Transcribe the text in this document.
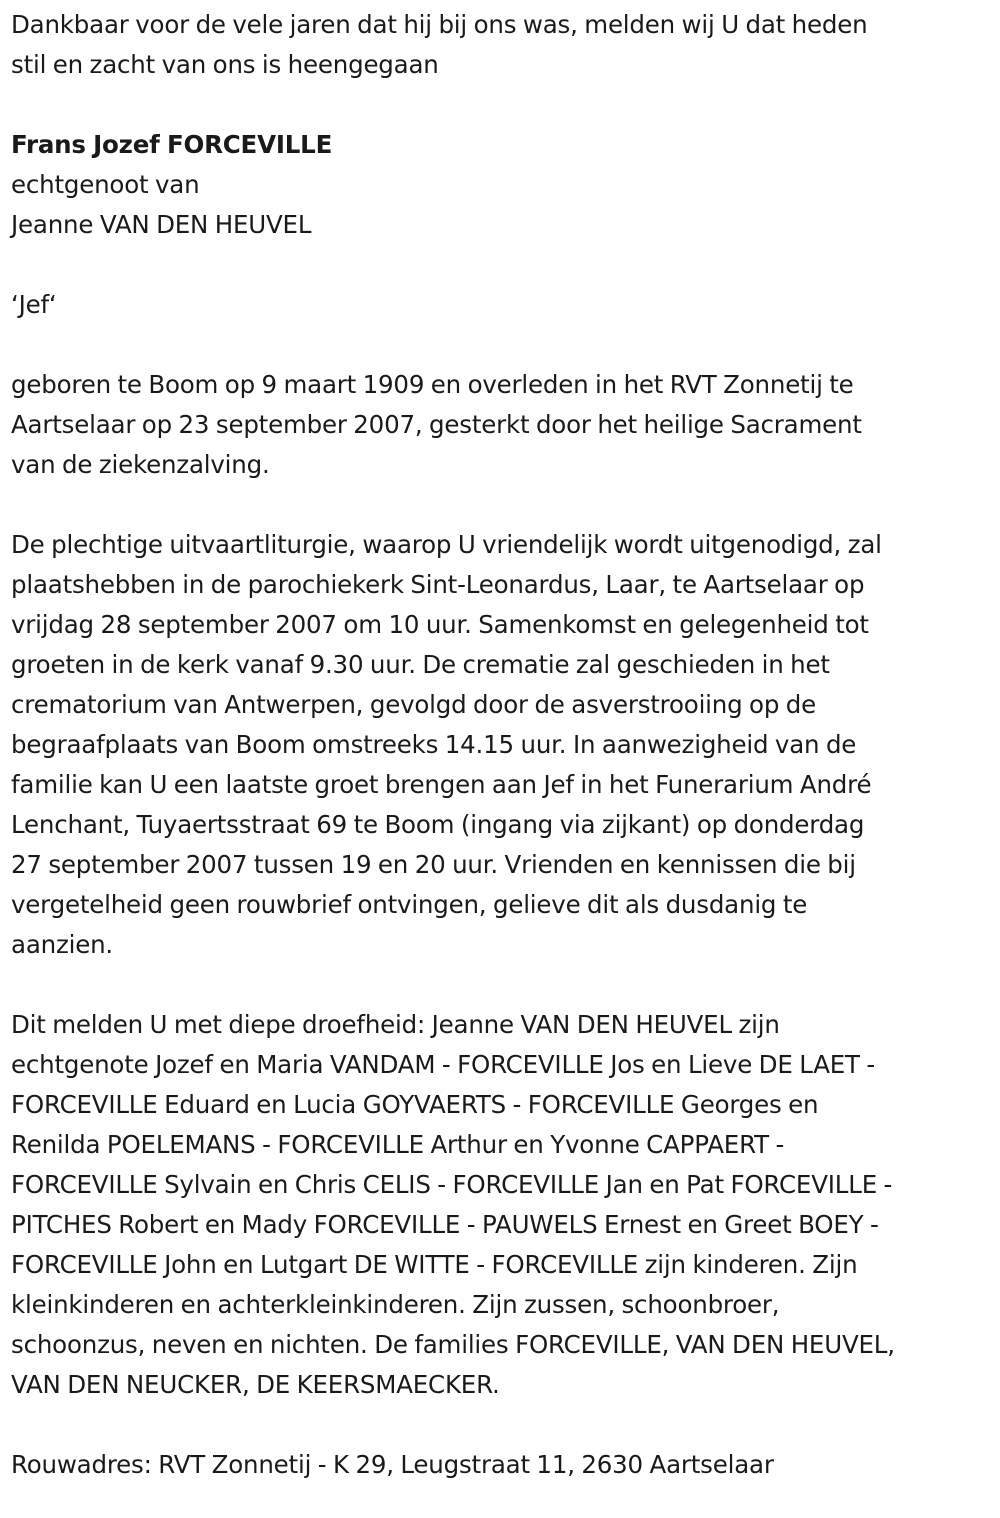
Dankbaar voor de vele jaren dat hij bij ons was, melden wij U dat heden
stil en zacht van ons is heengegaan
Frans Jozef FORCEVILLE
echtgenoot van
Jeanne VAN DEN HEUVEL
‘Jef‘
geboren te Boom op 9 maart 1909 en overleden in het RVT Zonnetij te
Aartselaar op 23 september 2007, gesterkt door het heilige Sacrament
van de ziekenzalving.
De plechtige uitvaartliturgie, waarop U vriendelijk wordt uitgenodigd, zal
plaatshebben in de parochiekerk Sint-Leonardus, Laar, te Aartselaar op
vrijdag 28 september 2007 om 10 uur. Samenkomst en gelegenheid tot
groeten in de kerk vanaf 9.30 uur. De crematie zal geschieden in het
crematorium van Antwerpen, gevolgd door de asverstrooiing op de
begraafplaats van Boom omstreeks 14.15 uur. In aanwezigheid van de
familie kan U een laatste groet brengen aan Jef in het Funerarium André
Lenchant, Tuyaertsstraat 69 te Boom (ingang via zijkant) op donderdag
27 september 2007 tussen 19 en 20 uur. Vrienden en kennissen die bij
vergetelheid geen rouwbrief ontvingen, gelieve dit als dusdanig te
aanzien.
Dit melden U met diepe droefheid: Jeanne VAN DEN HEUVEL zijn
echtgenote Jozef en Maria VANDAM - FORCEVILLE Jos en Lieve DE LAET -
FORCEVILLE Eduard en Lucia GOYVAERTS - FORCEVILLE Georges en
Renilda POELEMANS - FORCEVILLE Arthur en Yvonne CAPPAERT -
FORCEVILLE Sylvain en Chris CELIS - FORCEVILLE Jan en Pat FORCEVILLE -
PITCHES Robert en Mady FORCEVILLE - PAUWELS Ernest en Greet BOEY -
FORCEVILLE John en Lutgart DE WITTE - FORCEVILLE zijn kinderen. Zijn
kleinkinderen en achterkleinkinderen. Zijn zussen, schoonbroer,
schoonzus, neven en nichten. De families FORCEVILLE, VAN DEN HEUVEL,
VAN DEN NEUCKER, DE KEERSMAECKER.
Rouwadres: RVT Zonnetij - K 29, Leugstraat 11, 2630 Aartselaar
